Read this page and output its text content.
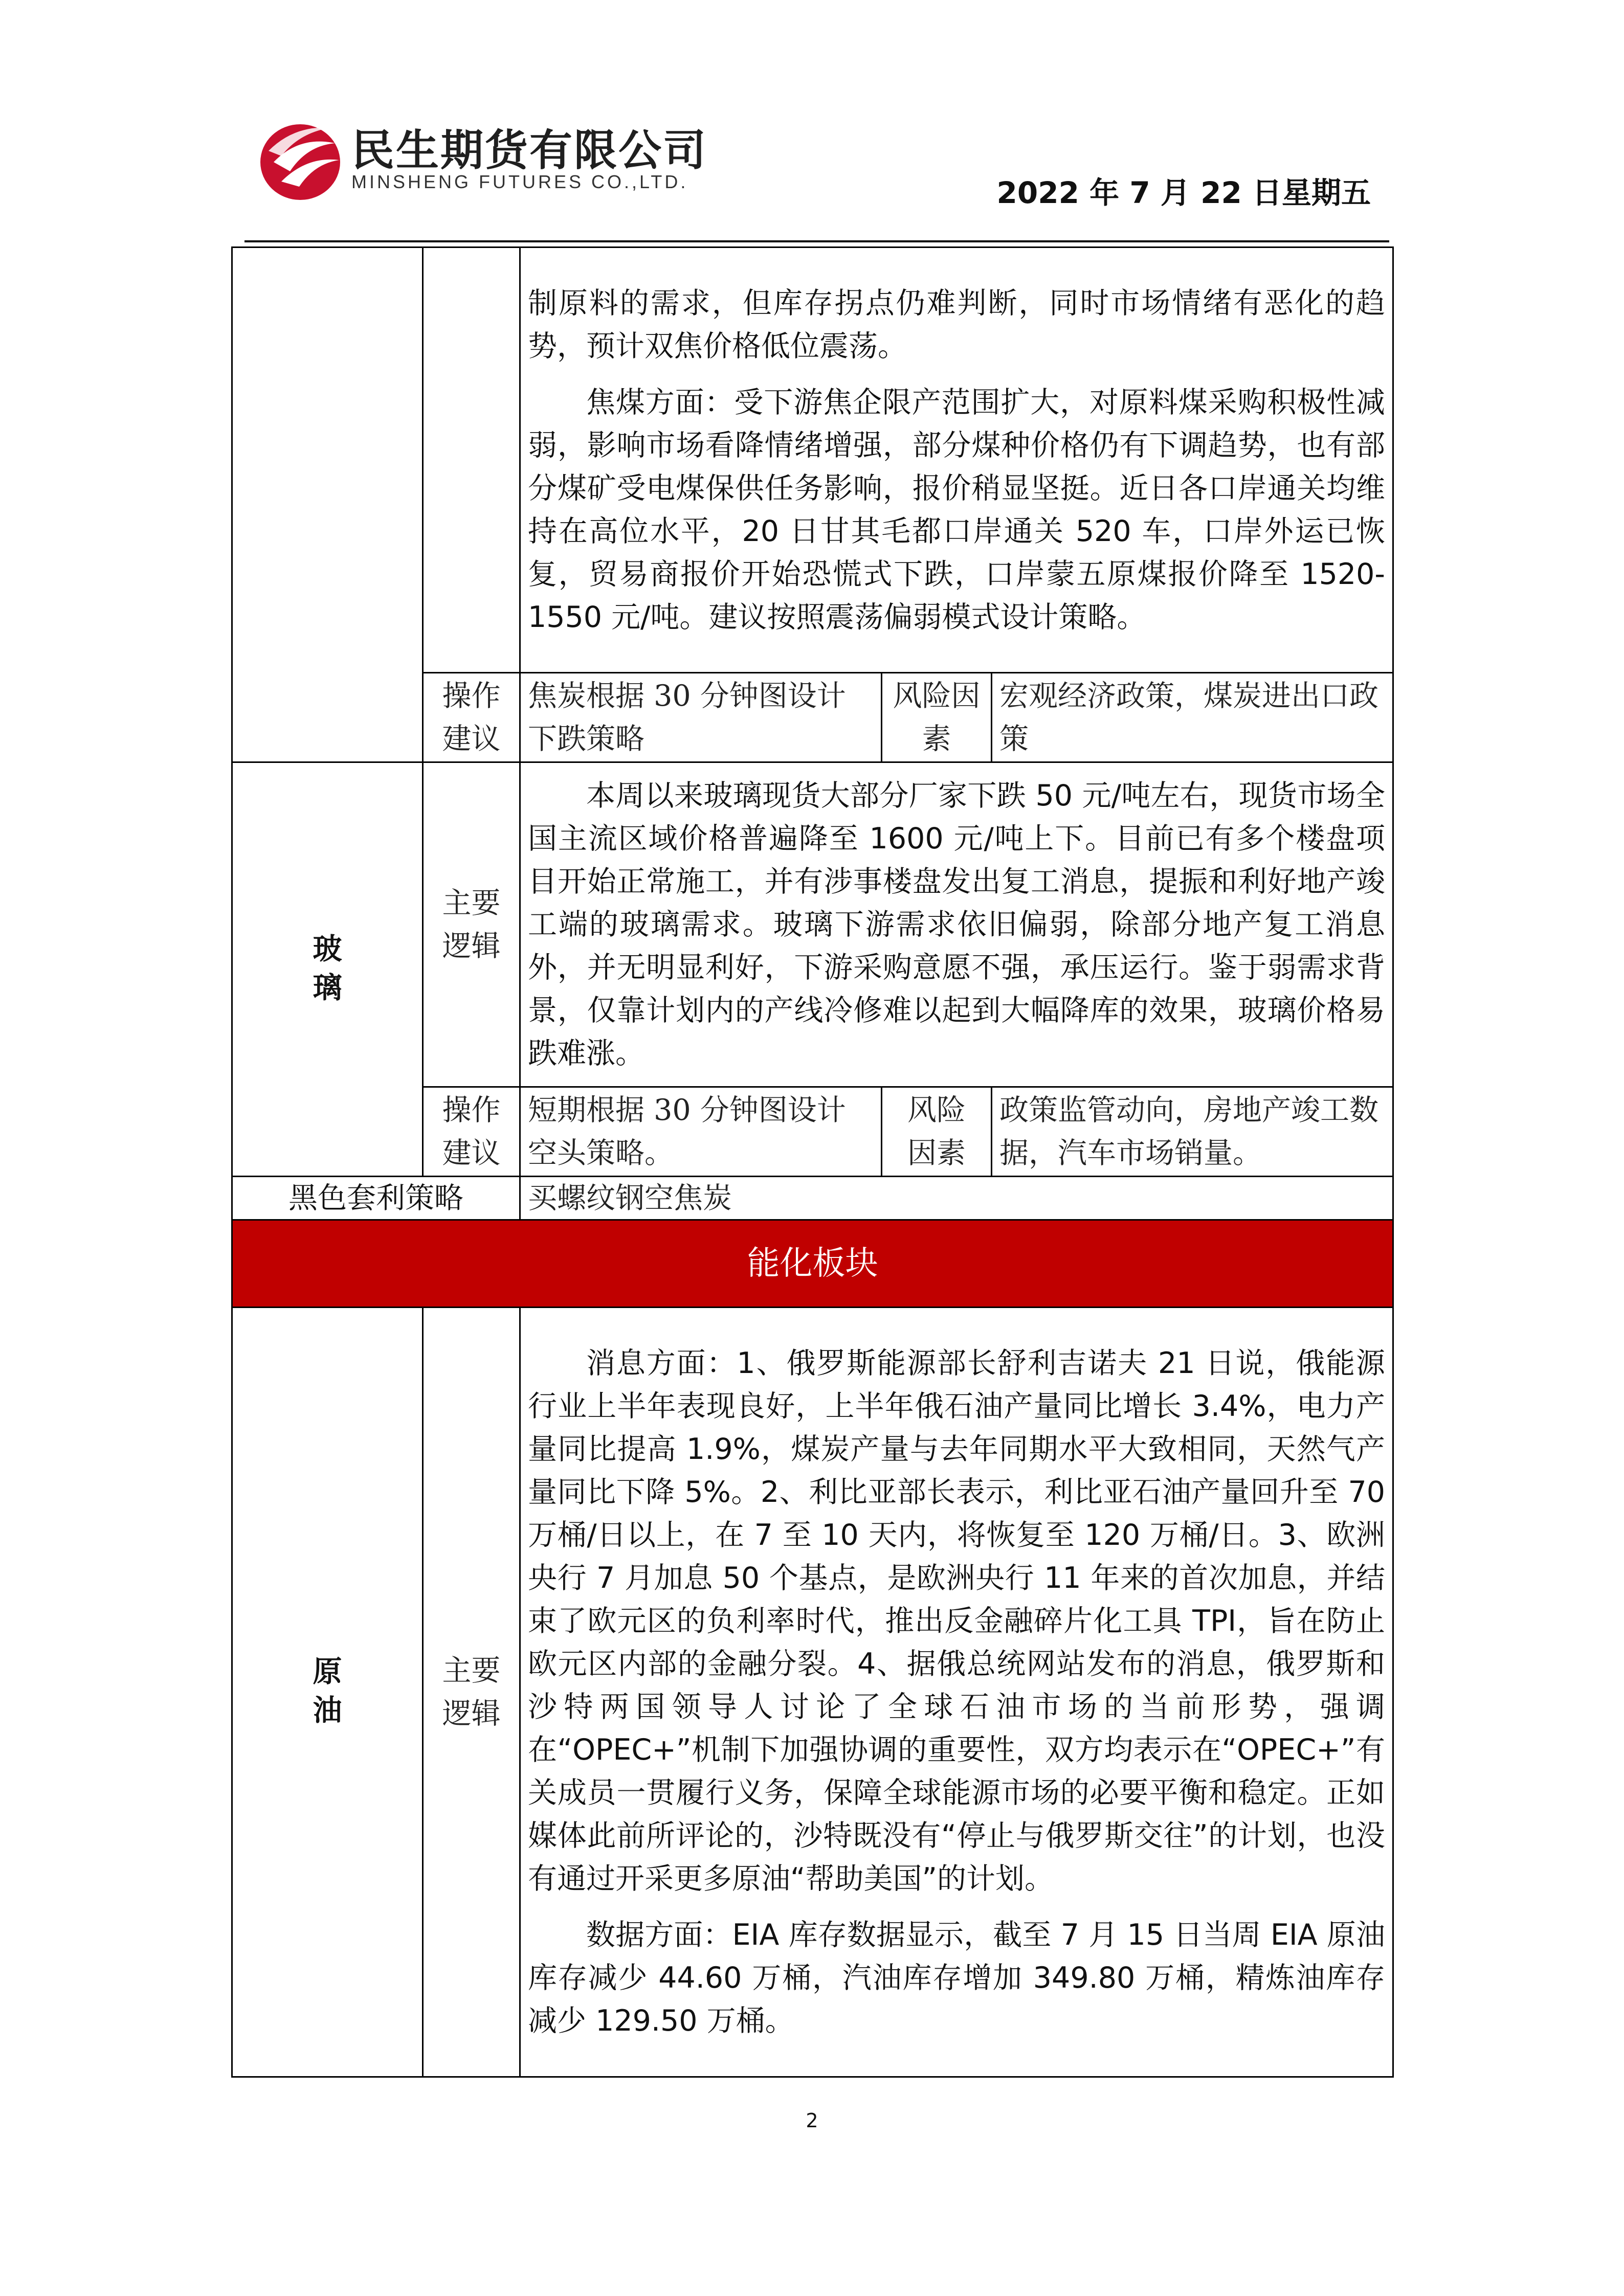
民生期货有限公司
MINSHENG FUTURES CO.,LTD.	2022 年 7 月 22 日星期五

		制原料的需求，但库存拐点仍难判断，同时市场情绪有恶化的趋势，预计双焦价格低位震荡。

焦煤方面：受下游焦企限产范围扩大，对原料煤采购积极性减弱，影响市场看降情绪增强，部分煤种价格仍有下调趋势，也有部分煤矿受电煤保供任务影响，报价稍显坚挺。近日各口岸通关均维持在高位水平，20 日甘其毛都口岸通关 520 车，口岸外运已恢复，贸易商报价开始恐慌式下跌，口岸蒙五原煤报价降至 1520-1550 元/吨。建议按照震荡偏弱模式设计策略。		

	操作建议	焦炭根据 30 分钟图设计下跌策略	风险因素	宏观经济政策，煤炭进出口政策
玻璃	主要逻辑	本周以来玻璃现货大部分厂家下跌 50 元/吨左右，现货市场全国主流区域价格普遍降至 1600 元/吨上下。目前已有多个楼盘项目开始正常施工，并有涉事楼盘发出复工消息，提振和利好地产竣工端的玻璃需求。玻璃下游需求依旧偏弱，除部分地产复工消息外，并无明显利好，下游采购意愿不强，承压运行。鉴于弱需求背景，仅靠计划内的产线冷修难以起到大幅降库的效果，玻璃价格易跌难涨。		

	操作建议	短期根据 30 分钟图设计空头策略。	风险因素	政策监管动向，房地产竣工数据，汽车市场销量。
黑色套利策略		买螺纹钢空焦炭		
能化板块				
原油	主要逻辑	消息方面：1、俄罗斯能源部长舒利吉诺夫 21 日说，俄能源行业上半年表现良好，上半年俄石油产量同比增长 3.4%，电力产量同比提高 1.9%，煤炭产量与去年同期水平大致相同，天然气产量同比下降 5%。2、利比亚部长表示，利比亚石油产量回升至 70 万桶/日以上，在 7 至 10 天内，将恢复至 120 万桶/日。3、欧洲央行 7 月加息 50 个基点，是欧洲央行 11 年来的首次加息，并结束了欧元区的负利率时代，推出反金融碎片化工具 TPI，旨在防止欧元区内部的金融分裂。4、据俄总统网站发布的消息，俄罗斯和沙特两国领导人讨论了全球石油市场的当前形势，强调在“OPEC+”机制下加强协调的重要性，双方均表示在“OPEC+”有关成员一贯履行义务，保障全球能源市场的必要平衡和稳定。正如媒体此前所评论的，沙特既没有“停止与俄罗斯交往”的计划，也没有通过开采更多原油“帮助美国”的计划。

数据方面：EIA 库存数据显示，截至 7 月 15 日当周 EIA 原油库存减少 44.60 万桶，汽油库存增加 349.80 万桶，精炼油库存减少 129.50 万桶。		

2
